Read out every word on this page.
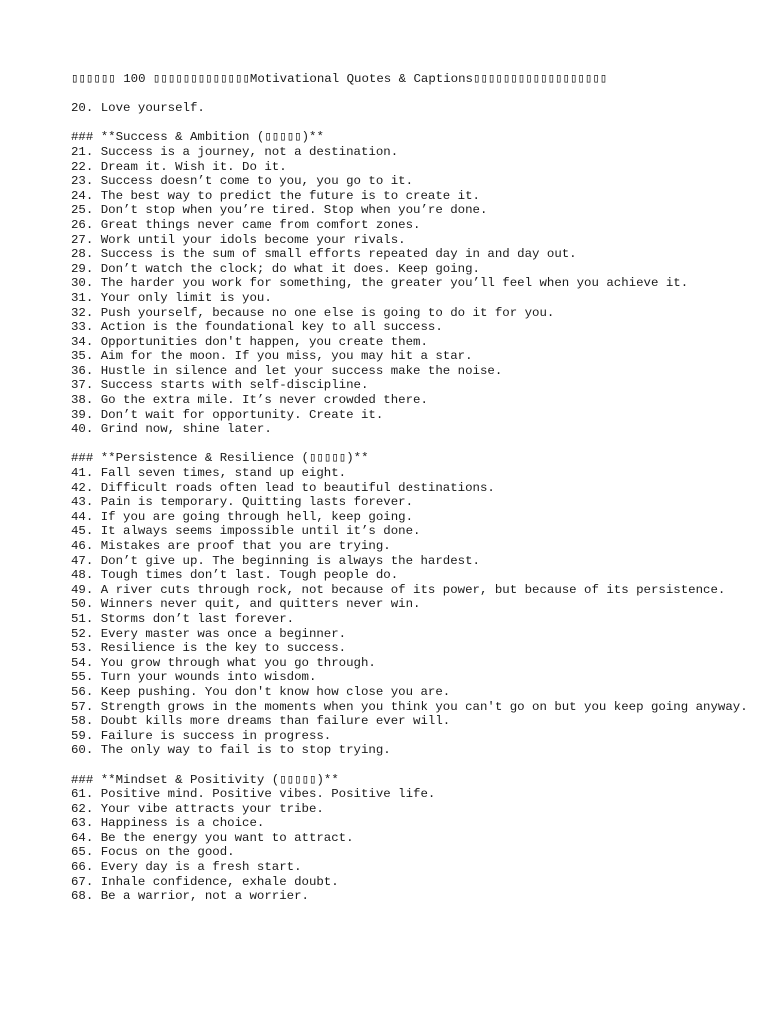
▯▯▯▯▯▯ 100 ▯▯▯▯▯▯▯▯▯▯▯▯▯Motivational Quotes & Captions▯▯▯▯▯▯▯▯▯▯▯▯▯▯▯▯▯▯

20. Love yourself.

### **Success & Ambition (▯▯▯▯▯)**

21. Success is a journey, not a destination.

22. Dream it. Wish it. Do it.

23. Success doesn’t come to you, you go to it.

24. The best way to predict the future is to create it.

25. Don’t stop when you’re tired. Stop when you’re done.

26. Great things never came from comfort zones.

27. Work until your idols become your rivals.

28. Success is the sum of small efforts repeated day in and day out.

29. Don’t watch the clock; do what it does. Keep going.

30. The harder you work for something, the greater you’ll feel when you achieve it.

31. Your only limit is you.

32. Push yourself, because no one else is going to do it for you.

33. Action is the foundational key to all success.

34. Opportunities don't happen, you create them.

35. Aim for the moon. If you miss, you may hit a star.

36. Hustle in silence and let your success make the noise.

37. Success starts with self-discipline.

38. Go the extra mile. It’s never crowded there.

39. Don’t wait for opportunity. Create it.

40. Grind now, shine later.

### **Persistence & Resilience (▯▯▯▯▯)**

41. Fall seven times, stand up eight.

42. Difficult roads often lead to beautiful destinations.

43. Pain is temporary. Quitting lasts forever.

44. If you are going through hell, keep going.

45. It always seems impossible until it’s done.

46. Mistakes are proof that you are trying.

47. Don’t give up. The beginning is always the hardest.

48. Tough times don’t last. Tough people do.

49. A river cuts through rock, not because of its power, but because of its persistence.

50. Winners never quit, and quitters never win.

51. Storms don’t last forever.

52. Every master was once a beginner.

53. Resilience is the key to success.

54. You grow through what you go through.

55. Turn your wounds into wisdom.

56. Keep pushing. You don't know how close you are.

57. Strength grows in the moments when you think you can't go on but you keep going anyway.

58. Doubt kills more dreams than failure ever will.

59. Failure is success in progress.

60. The only way to fail is to stop trying.

### **Mindset & Positivity (▯▯▯▯▯)**

61. Positive mind. Positive vibes. Positive life.

62. Your vibe attracts your tribe.

63. Happiness is a choice.

64. Be the energy you want to attract.

65. Focus on the good.

66. Every day is a fresh start.

67. Inhale confidence, exhale doubt.

68. Be a warrior, not a worrier.
